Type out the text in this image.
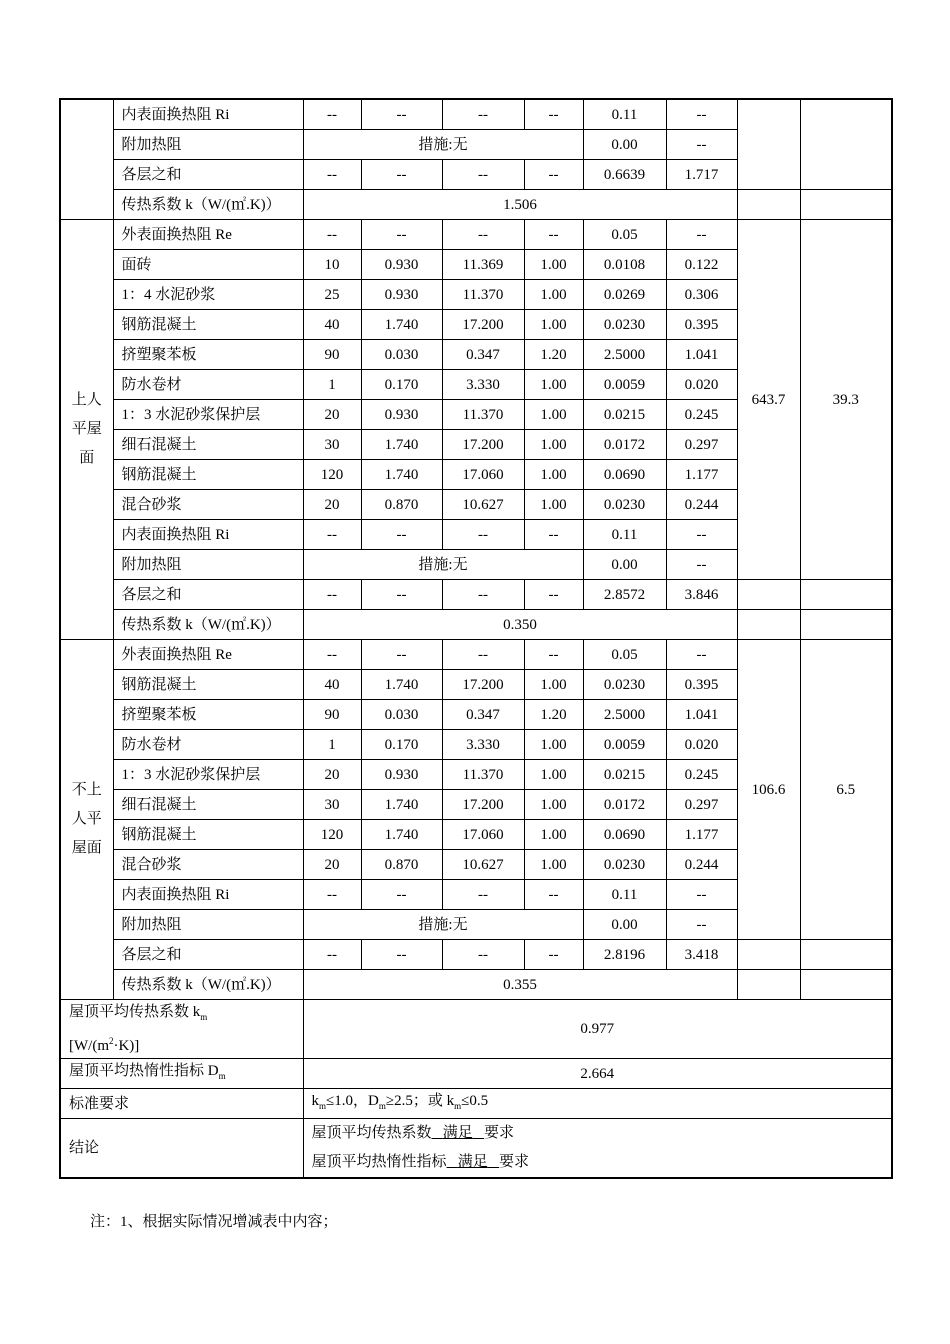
	内表面换热阻 Ri	--	--	--	--	0.11	--		
	附加热阻	措施:无				0.00	--		
	各层之和	--	--	--	--	0.6639	1.717		
	传热系数 k（W/(㎡.K)）	1.506							
上人平屋面	外表面换热阻 Re	--	--	--	--	0.05	--	643.7	39.3
	面砖	10	0.930	11.369	1.00	0.0108	0.122		
	1：4 水泥砂浆	25	0.930	11.370	1.00	0.0269	0.306		
	钢筋混凝土	40	1.740	17.200	1.00	0.0230	0.395		
	挤塑聚苯板	90	0.030	0.347	1.20	2.5000	1.041		
	防水卷材	1	0.170	3.330	1.00	0.0059	0.020		
	1：3 水泥砂浆保护层	20	0.930	11.370	1.00	0.0215	0.245		
	细石混凝土	30	1.740	17.200	1.00	0.0172	0.297		
	钢筋混凝土	120	1.740	17.060	1.00	0.0690	1.177		
	混合砂浆	20	0.870	10.627	1.00	0.0230	0.244		
	内表面换热阻 Ri	--	--	--	--	0.11	--		
	附加热阻	措施:无				0.00	--		
	各层之和	--	--	--	--	2.8572	3.846		
	传热系数 k（W/(㎡.K)）	0.350							
不上人平屋面	外表面换热阻 Re	--	--	--	--	0.05	--	106.6	6.5
	钢筋混凝土	40	1.740	17.200	1.00	0.0230	0.395		
	挤塑聚苯板	90	0.030	0.347	1.20	2.5000	1.041		
	防水卷材	1	0.170	3.330	1.00	0.0059	0.020		
	1：3 水泥砂浆保护层	20	0.930	11.370	1.00	0.0215	0.245		
	细石混凝土	30	1.740	17.200	1.00	0.0172	0.297		
	钢筋混凝土	120	1.740	17.060	1.00	0.0690	1.177		
	混合砂浆	20	0.870	10.627	1.00	0.0230	0.244		
	内表面换热阻 Ri	--	--	--	--	0.11	--		
	附加热阻	措施:无				0.00	--		
	各层之和	--	--	--	--	2.8196	3.418		
	传热系数 k（W/(㎡.K)）	0.355							
屋顶平均传热系数 $k_m$
$[W/(m^2\cdot K)]$		0.977							
屋顶平均热惰性指标 $D_m$		2.664							
标准要求		$k_m\le 1.0$，$D_m\ge 2.5$；或 $k_m\le 0.5$							
结论		屋顶平均传热系数 满足 要求
屋顶平均热惰性指标 满足 要求							
注：1、根据实际情况增减表中内容；
